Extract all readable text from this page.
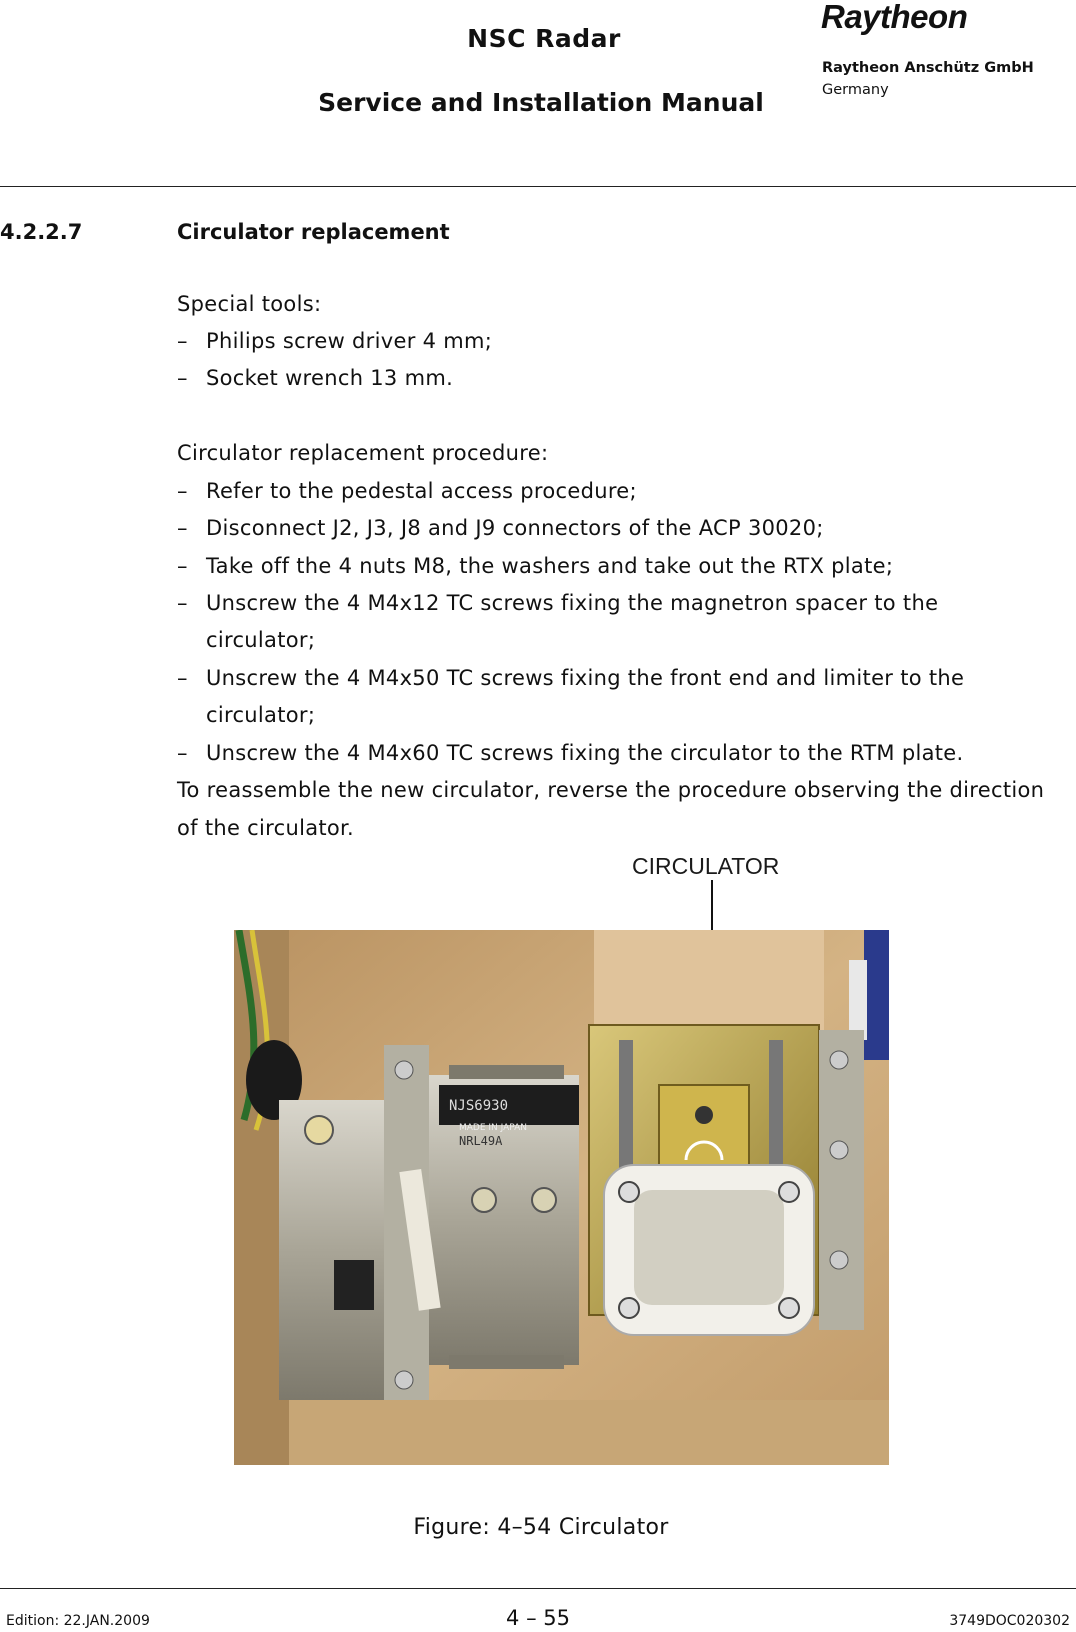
NSC Radar
Service and Installation Manual
Raytheon
Raytheon Anschütz GmbH
Germany
4.2.2.7	Circulator replacement
Special tools:
– Philips screw driver 4 mm;
– Socket wrench 13 mm.
Circulator replacement procedure:
– Refer to the pedestal access procedure;
– Disconnect J2, J3, J8 and J9 connectors of the ACP 30020;
– Take off the 4 nuts M8, the washers and take out the RTX plate;
– Unscrew the 4 M4x12 TC screws fixing the magnetron spacer to the
circulator;
– Unscrew the 4 M4x50 TC screws fixing the front end and limiter to the
circulator;
– Unscrew the 4 M4x60 TC screws fixing the circulator to the RTM plate.
To reassemble the new circulator, reverse the procedure observing the direction
of the circulator.
CIRCULATOR
NJS6930
MADE IN JAPAN
NRL49A
Figure: 4–54 Circulator
Edition: 22.JAN.2009	4 – 55	3749DOC020302
